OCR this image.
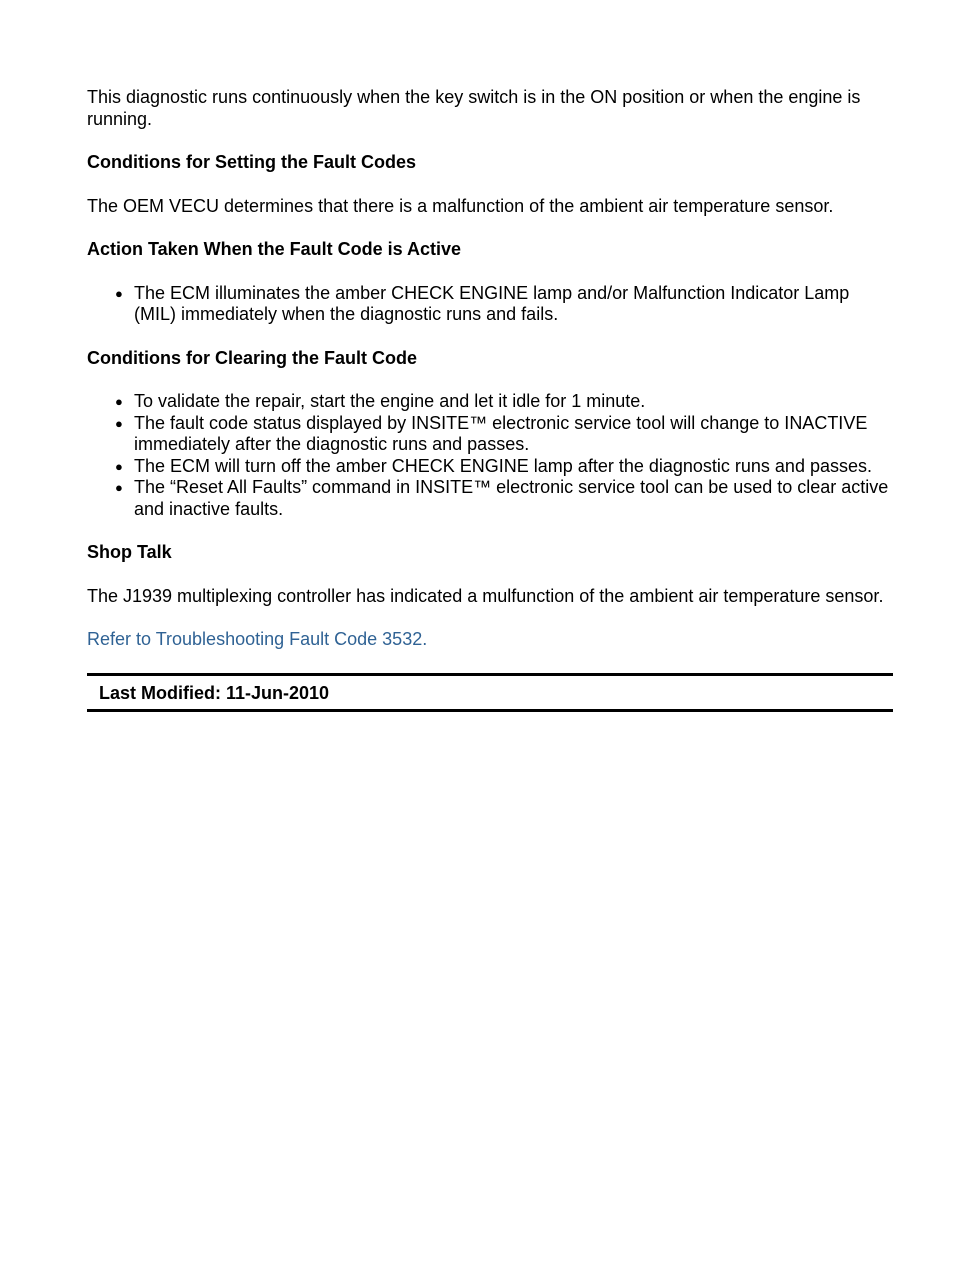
This diagnostic runs continuously when the key switch is in the ON position or when the engine is running.

Conditions for Setting the Fault Codes

The OEM VECU determines that there is a malfunction of the ambient air temperature sensor.

Action Taken When the Fault Code is Active
● The ECM illuminates the amber CHECK ENGINE lamp and/or Malfunction Indicator Lamp (MIL) immediately when the diagnostic runs and fails.
Conditions for Clearing the Fault Code
● To validate the repair, start the engine and let it idle for 1 minute.
● The fault code status displayed by INSITE™ electronic service tool will change to INACTIVE immediately after the diagnostic runs and passes.
● The ECM will turn off the amber CHECK ENGINE lamp after the diagnostic runs and passes.
● The “Reset All Faults” command in INSITE™ electronic service tool can be used to clear active and inactive faults.
Shop Talk

The J1939 multiplexing controller has indicated a mulfunction of the ambient air temperature sensor.

Refer to Troubleshooting Fault Code 3532.

Last Modified: 11-Jun-2010
